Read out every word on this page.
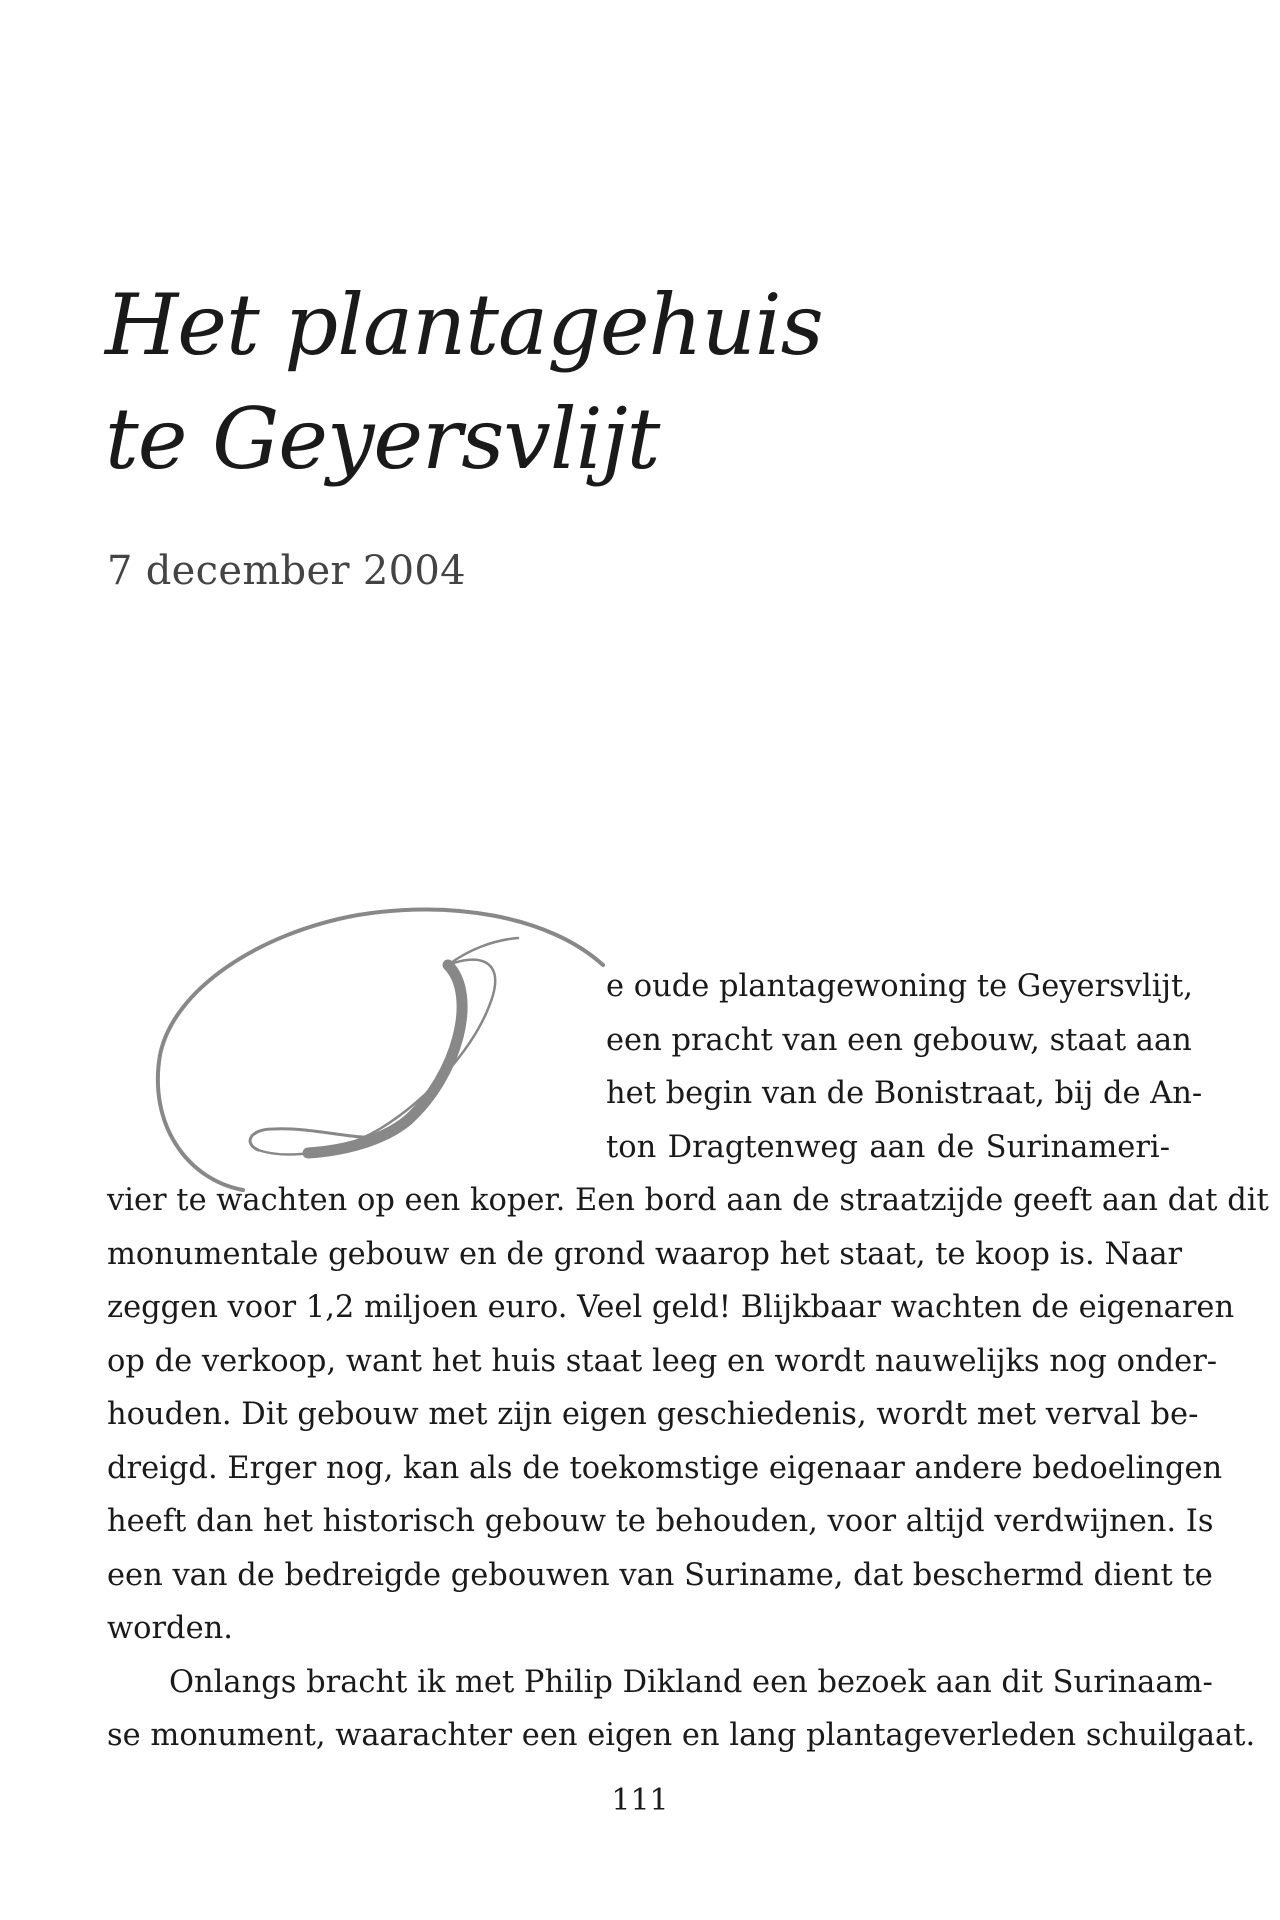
Het plantagehuis
te Geyersvlijt
7 december 2004
e oude plantagewoning te Geyersvlijt,
een pracht van een gebouw, staat aan
het begin van de Bonistraat, bij de An-
ton Dragtenweg aan de Surinameri-
vier te wachten op een koper. Een bord aan de straatzijde geeft aan dat dit
monumentale gebouw en de grond waarop het staat, te koop is. Naar
zeggen voor 1,2 miljoen euro. Veel geld! Blijkbaar wachten de eigenaren
op de verkoop, want het huis staat leeg en wordt nauwelijks nog onder-
houden. Dit gebouw met zijn eigen geschiedenis, wordt met verval be-
dreigd. Erger nog, kan als de toekomstige eigenaar andere bedoelingen
heeft dan het historisch gebouw te behouden, voor altijd verdwijnen. Is
een van de bedreigde gebouwen van Suriname, dat beschermd dient te
worden.
Onlangs bracht ik met Philip Dikland een bezoek aan dit Surinaam-
se monument, waarachter een eigen en lang plantageverleden schuilgaat.
111
